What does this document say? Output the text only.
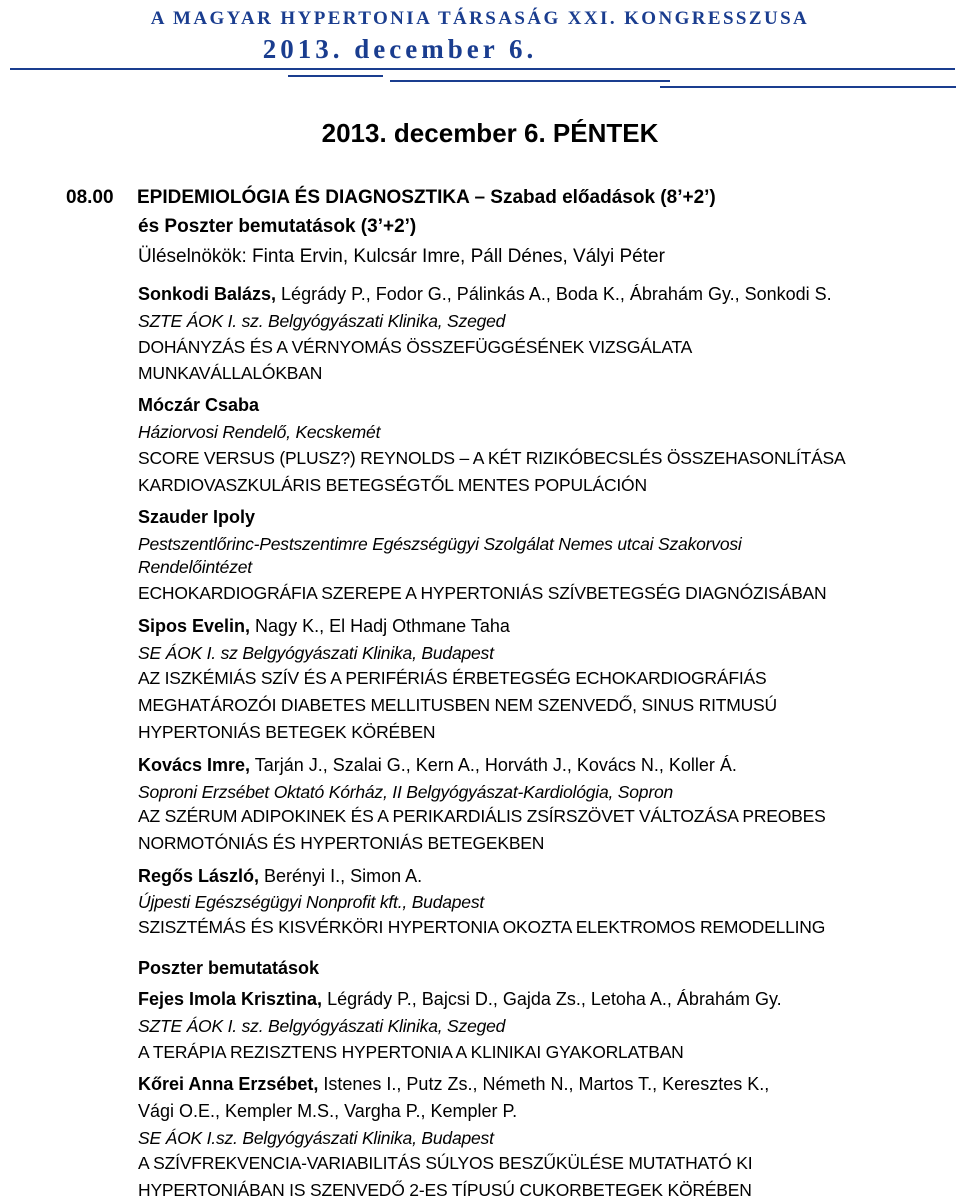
A MAGYAR HYPERTONIA TÁRSASÁG XXI. KONGRESSZUSA
2013. december 6.
2013. december 6. PÉNTEK
08.00 EPIDEMIOLÓGIA ÉS DIAGNOSZTIKA – Szabad előadások (8’+2’)
és Poszter bemutatások (3’+2’)
Üléselnökök: Finta Ervin, Kulcsár Imre, Páll Dénes, Vályi Péter
Sonkodi Balázs, Légrády P., Fodor G., Pálinkás A., Boda K., Ábrahám Gy., Sonkodi S.
SZTE ÁOK I. sz. Belgyógyászati Klinika, Szeged
DOHÁNYZÁS ÉS A VÉRNYOMÁS ÖSSZEFÜGGÉSÉNEK VIZSGÁLATA
MUNKAVÁLLALÓKBAN
Móczár Csaba
Háziorvosi Rendelő, Kecskemét
SCORE VERSUS (PLUSZ?) REYNOLDS – A KÉT RIZIKÓBECSLÉS ÖSSZEHASONLÍTÁSA
KARDIOVASZKULÁRIS BETEGSÉGTŐL MENTES POPULÁCIÓN
Szauder Ipoly
Pestszentlőrinc-Pestszentimre Egészségügyi Szolgálat Nemes utcai Szakorvosi
Rendelőintézet
ECHOKARDIOGRÁFIA SZEREPE A HYPERTONIÁS SZÍVBETEGSÉG DIAGNÓZISÁBAN
Sipos Evelin, Nagy K., El Hadj Othmane Taha
SE ÁOK I. sz Belgyógyászati Klinika, Budapest
AZ ISZKÉMIÁS SZÍV ÉS A PERIFÉRIÁS ÉRBETEGSÉG ECHOKARDIOGRÁFIÁS
MEGHATÁROZÓI DIABETES MELLITUSBEN NEM SZENVEDŐ, SINUS RITMUSÚ
HYPERTONIÁS BETEGEK KÖRÉBEN
Kovács Imre, Tarján J., Szalai G., Kern A., Horváth J., Kovács N., Koller Á.
Soproni Erzsébet Oktató Kórház, II Belgyógyászat-Kardiológia, Sopron
AZ SZÉRUM ADIPOKINEK ÉS A PERIKARDIÁLIS ZSÍRSZÖVET VÁLTOZÁSA PREOBES
NORMOTÓNIÁS ÉS HYPERTONIÁS BETEGEKBEN
Regős László, Berényi I., Simon A.
Újpesti Egészségügyi Nonprofit kft., Budapest
SZISZTÉMÁS ÉS KISVÉRKÖRI HYPERTONIA OKOZTA ELEKTROMOS REMODELLING
Poszter bemutatások
Fejes Imola Krisztina, Légrády P., Bajcsi D., Gajda Zs., Letoha A., Ábrahám Gy.
SZTE ÁOK I. sz. Belgyógyászati Klinika, Szeged
A TERÁPIA REZISZTENS HYPERTONIA A KLINIKAI GYAKORLATBAN
Kőrei Anna Erzsébet, Istenes I., Putz Zs., Németh N., Martos T., Keresztes K.,
Vági O.E., Kempler M.S., Vargha P., Kempler P.
SE ÁOK I.sz. Belgyógyászati Klinika, Budapest
A SZÍVFREKVENCIA-VARIABILITÁS SÚLYOS BESZŰKÜLÉSE MUTATHATÓ KI
HYPERTONIÁBAN IS SZENVEDŐ 2-ES TÍPUSÚ CUKORBETEGEK KÖRÉBEN
